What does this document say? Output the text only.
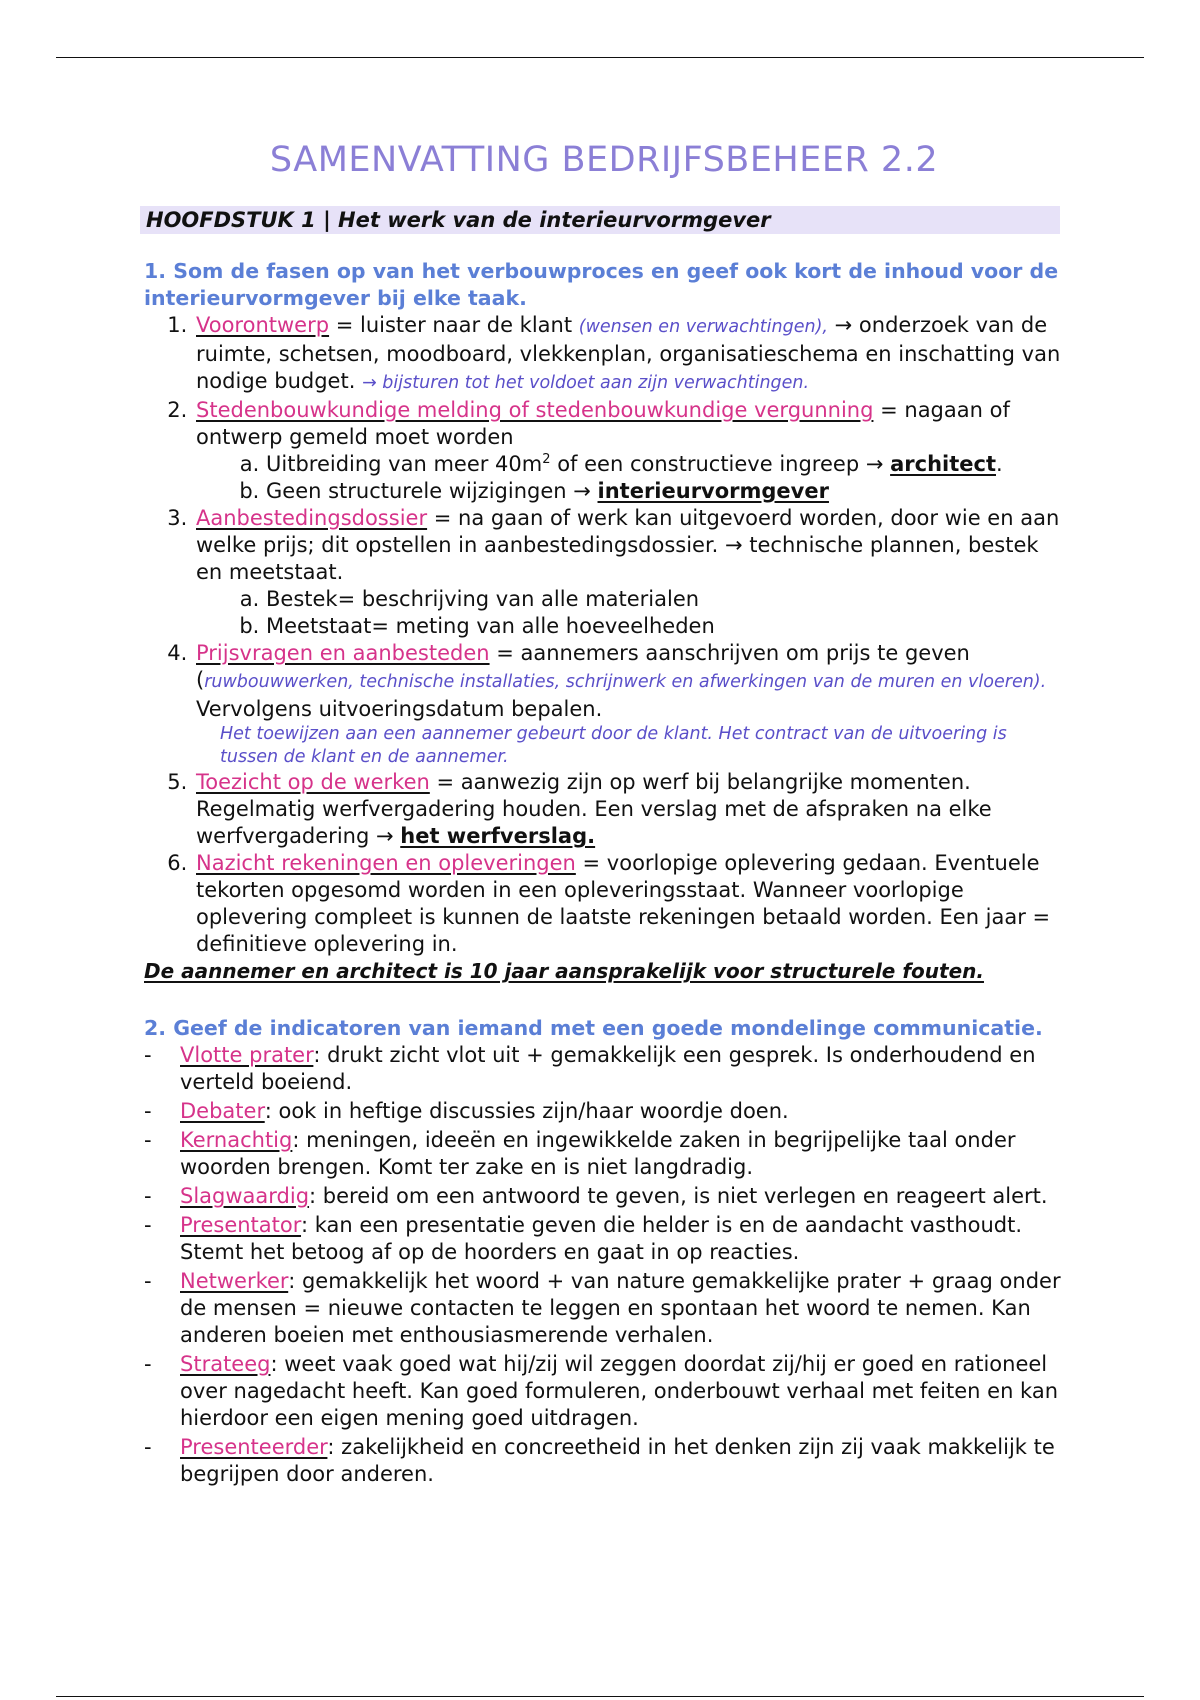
SAMENVATTING BEDRIJFSBEHEER 2.2
HOOFDSTUK 1 | Het werk van de interieurvormgever

1. Som de fasen op van het verbouwproces en geef ook kort de inhoud voor de interieurvormgever bij elke taak.

1. Voorontwerp = luister naar de klant (wensen en verwachtingen), → onderzoek van de ruimte, schetsen, moodboard, vlekkenplan, organisatieschema en inschatting van nodige budget. → bijsturen tot het voldoet aan zijn verwachtingen.
2. Stedenbouwkundige melding of stedenbouwkundige vergunning = nagaan of ontwerp gemeld moet worden
a. Uitbreiding van meer $40m^2$ of een constructieve ingreep → architect.
b. Geen structurele wijzigingen → interieurvormgever
3. Aanbestedingsdossier = na gaan of werk kan uitgevoerd worden, door wie en aan welke prijs; dit opstellen in aanbestedingsdossier. → technische plannen, bestek en meetstaat.
a. Bestek= beschrijving van alle materialen
b. Meetstaat= meting van alle hoeveelheden
4. Prijsvragen en aanbesteden = aannemers aanschrijven om prijs te geven (ruwbouwwerken, technische installaties, schrijnwerk en afwerkingen van de muren en vloeren). Vervolgens uitvoeringsdatum bepalen.

Het toewijzen aan een aannemer gebeurt door de klant. Het contract van de uitvoering is tussen de klant en de aannemer.

5. Toezicht op de werken = aanwezig zijn op werf bij belangrijke momenten. Regelmatig werfvergadering houden. Een verslag met de afspraken na elke werfvergadering → het werfverslag.
6. Nazicht rekeningen en opleveringen = voorlopige oplevering gedaan. Eventuele tekorten opgesomd worden in een opleveringsstaat. Wanneer voorlopige oplevering compleet is kunnen de laatste rekeningen betaald worden. Een jaar = definitieve oplevering in.

De aannemer en architect is 10 jaar aansprakelijk voor structurele fouten.

2. Geef de indicatoren van iemand met een goede mondelinge communicatie.

- Vlotte prater: drukt zicht vlot uit + gemakkelijk een gesprek. Is onderhoudend en verteld boeiend.
- Debater: ook in heftige discussies zijn/haar woordje doen.
- Kernachtig: meningen, ideeën en ingewikkelde zaken in begrijpelijke taal onder woorden brengen. Komt ter zake en is niet langdradig.
- Slagwaardig: bereid om een antwoord te geven, is niet verlegen en reageert alert.
- Presentator: kan een presentatie geven die helder is en de aandacht vasthoudt. Stemt het betoog af op de hoorders en gaat in op reacties.
- Netwerker: gemakkelijk het woord + van nature gemakkelijke prater + graag onder de mensen = nieuwe contacten te leggen en spontaan het woord te nemen. Kan anderen boeien met enthousiasmerende verhalen.
- Strateeg: weet vaak goed wat hij/zij wil zeggen doordat zij/hij er goed en rationeel over nagedacht heeft. Kan goed formuleren, onderbouwt verhaal met feiten en kan hierdoor een eigen mening goed uitdragen.
- Presenteerder: zakelijkheid en concreetheid in het denken zijn zij vaak makkelijk te begrijpen door anderen.
